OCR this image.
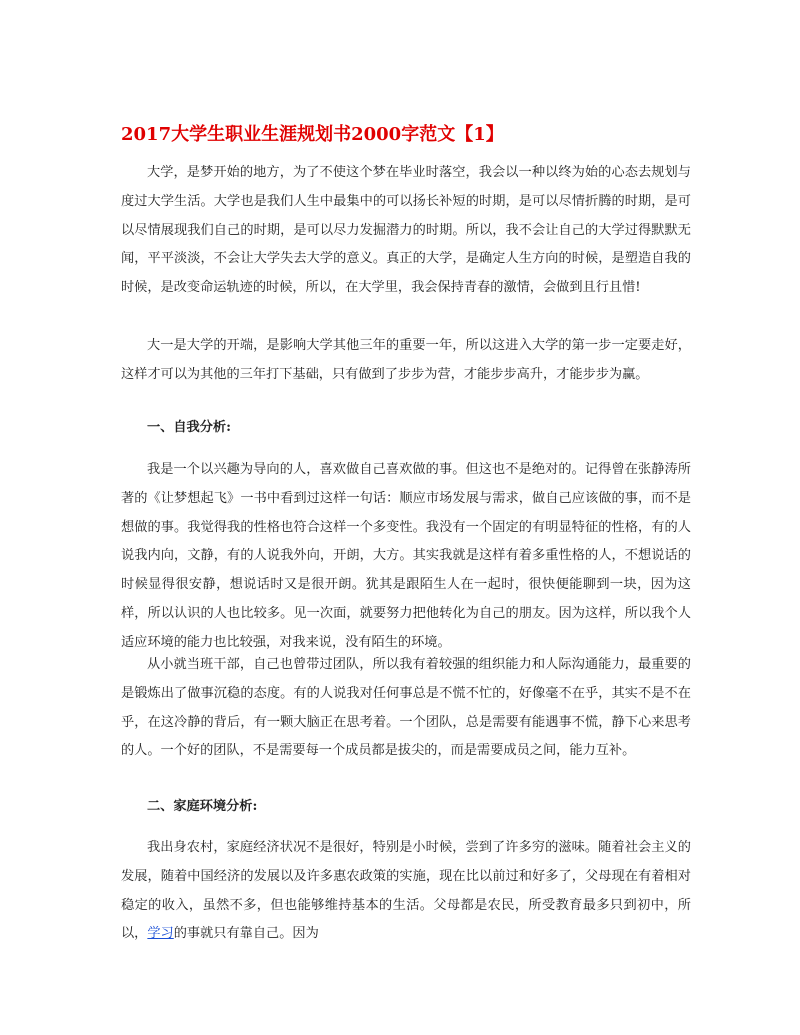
2017大学生职业生涯规划书2000字范文【1】

大学，是梦开始的地方，为了不使这个梦在毕业时落空，我会以一种以终为始的心态去规划与度过大学生活。大学也是我们人生中最集中的可以扬长补短的时期，是可以尽情折腾的时期，是可以尽情展现我们自己的时期，是可以尽力发掘潜力的时期。所以，我不会让自己的大学过得默默无闻，平平淡淡，不会让大学失去大学的意义。真正的大学，是确定人生方向的时候，是塑造自我的时候，是改变命运轨迹的时候，所以，在大学里，我会保持青春的激情，会做到且行且惜!

大一是大学的开端，是影响大学其他三年的重要一年，所以这进入大学的第一步一定要走好，这样才可以为其他的三年打下基础，只有做到了步步为营，才能步步高升，才能步步为赢。

一、自我分析:

我是一个以兴趣为导向的人，喜欢做自己喜欢做的事。但这也不是绝对的。记得曾在张静涛所著的《让梦想起飞》一书中看到过这样一句话：顺应市场发展与需求，做自己应该做的事，而不是想做的事。我觉得我的性格也符合这样一个多变性。我没有一个固定的有明显特征的性格，有的人说我内向，文静，有的人说我外向，开朗，大方。其实我就是这样有着多重性格的人，不想说话的时候显得很安静，想说话时又是很开朗。犹其是跟陌生人在一起时，很快便能聊到一块，因为这样，所以认识的人也比较多。见一次面，就要努力把他转化为自己的朋友。因为这样，所以我个人适应环境的能力也比较强，对我来说，没有陌生的环境。

从小就当班干部，自己也曾带过团队，所以我有着较强的组织能力和人际沟通能力，最重要的是锻炼出了做事沉稳的态度。有的人说我对任何事总是不慌不忙的，好像毫不在乎，其实不是不在乎，在这冷静的背后，有一颗大脑正在思考着。一个团队，总是需要有能遇事不慌，静下心来思考的人。一个好的团队，不是需要每一个成员都是拔尖的，而是需要成员之间，能力互补。

二、家庭环境分析:

我出身农村，家庭经济状况不是很好，特别是小时候，尝到了许多穷的滋味。随着社会主义的发展，随着中国经济的发展以及许多惠农政策的实施，现在比以前过和好多了，父母现在有着相对稳定的收入，虽然不多，但也能够维持基本的生活。父母都是农民，所受教育最多只到初中，所以，学习的事就只有靠自己。因为
